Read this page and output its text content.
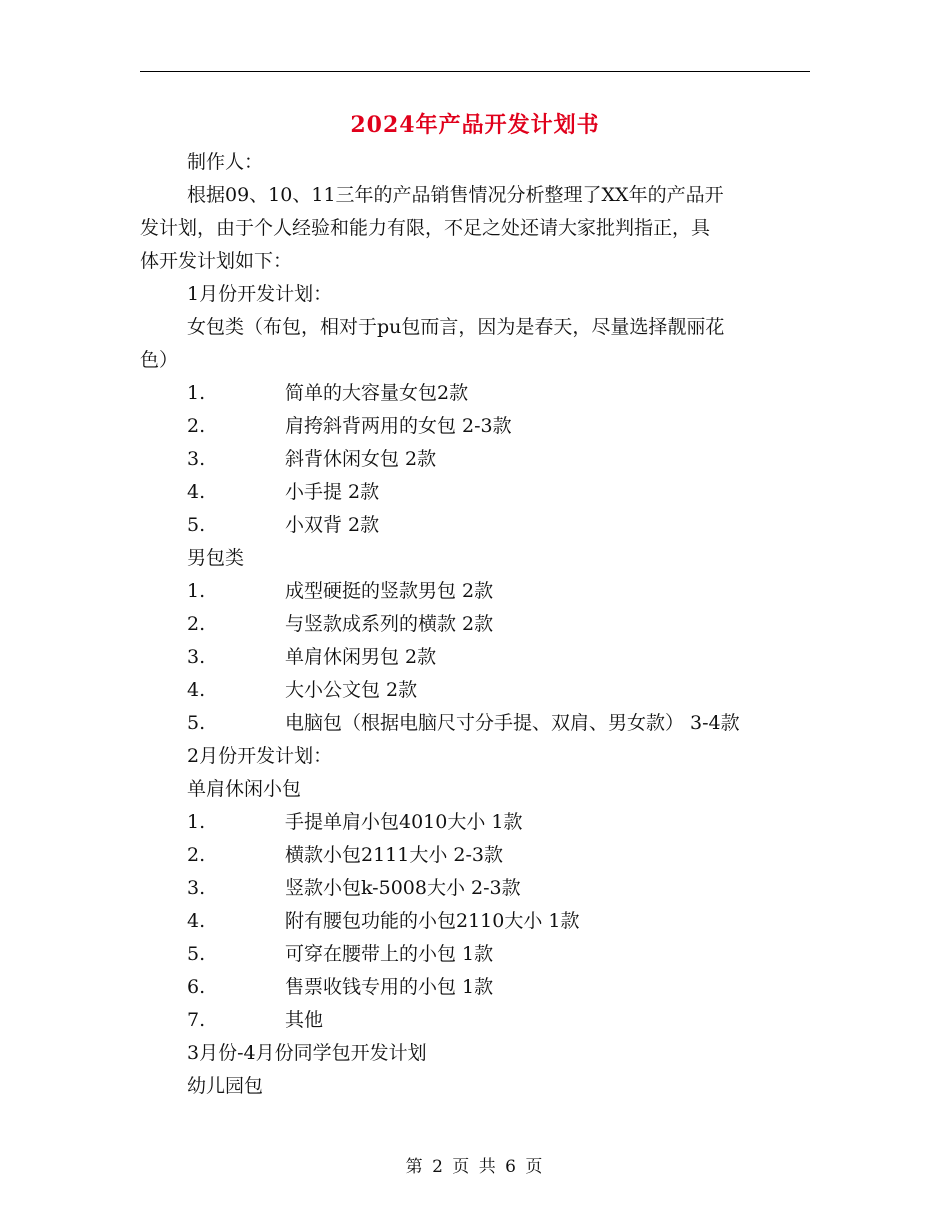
2024年产品开发计划书
制作人：
根据09、10、11三年的产品销售情况分析整理了XX年的产品开
发计划，由于个人经验和能力有限，不足之处还请大家批判指正，具
体开发计划如下：
1月份开发计划：
女包类（布包，相对于pu包而言，因为是春天，尽量选择靓丽花
色）
1.	简单的大容量女包2款
2.	肩挎斜背两用的女包 2-3款
3.	斜背休闲女包 2款
4.	小手提 2款
5.	小双背 2款
男包类
1.	成型硬挺的竖款男包 2款
2.	与竖款成系列的横款 2款
3.	单肩休闲男包 2款
4.	大小公文包 2款
5.	电脑包（根据电脑尺寸分手提、双肩、男女款） 3-4款
2月份开发计划：
单肩休闲小包
1.	手提单肩小包4010大小 1款
2.	横款小包2111大小 2-3款
3.	竖款小包k-5008大小 2-3款
4.	附有腰包功能的小包2110大小 1款
5.	可穿在腰带上的小包 1款
6.	售票收钱专用的小包 1款
7.	其他
3月份-4月份同学包开发计划
幼儿园包
第 2 页 共 6 页
